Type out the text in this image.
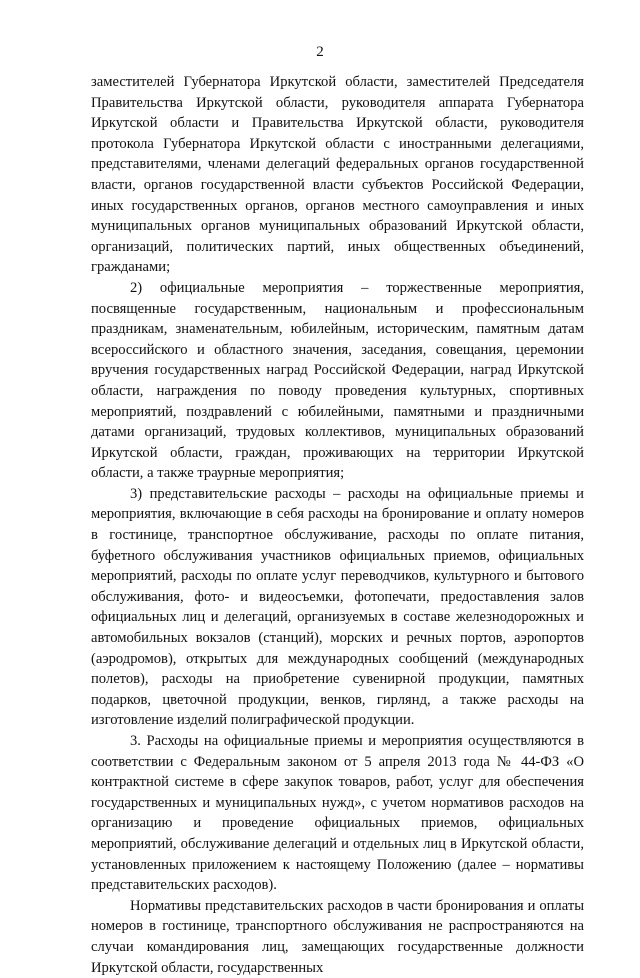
2

заместителей Губернатора Иркутской области, заместителей Председателя Правительства Иркутской области, руководителя аппарата Губернатора Иркутской области и Правительства Иркутской области, руководителя протокола Губернатора Иркутской области с иностранными делегациями, представителями, членами делегаций федеральных органов государственной власти, органов государственной власти субъектов Российской Федерации, иных государственных органов, органов местного самоуправления и иных муниципальных органов муниципальных образований Иркутской области, организаций, политических партий, иных общественных объединений, гражданами;

2) официальные мероприятия – торжественные мероприятия, посвященные государственным, национальным и профессиональным праздникам, знаменательным, юбилейным, историческим, памятным датам всероссийского и областного значения, заседания, совещания, церемонии вручения государственных наград Российской Федерации, наград Иркутской области, награждения по поводу проведения культурных, спортивных мероприятий, поздравлений с юбилейными, памятными и праздничными датами организаций, трудовых коллективов, муниципальных образований Иркутской области, граждан, проживающих на территории Иркутской области, а также траурные мероприятия;

3) представительские расходы – расходы на официальные приемы и мероприятия, включающие в себя расходы на бронирование и оплату номеров в гостинице, транспортное обслуживание, расходы по оплате питания, буфетного обслуживания участников официальных приемов, официальных мероприятий, расходы по оплате услуг переводчиков, культурного и бытового обслуживания, фото- и видеосъемки, фотопечати, предоставления залов официальных лиц и делегаций, организуемых в составе железнодорожных и автомобильных вокзалов (станций), морских и речных портов, аэропортов (аэродромов), открытых для международных сообщений (международных полетов), расходы на приобретение сувенирной продукции, памятных подарков, цветочной продукции, венков, гирлянд, а также расходы на изготовление изделий полиграфической продукции.

3. Расходы на официальные приемы и мероприятия осуществляются в соответствии с Федеральным законом от 5 апреля 2013 года № 44-ФЗ «О контрактной системе в сфере закупок товаров, работ, услуг для обеспечения государственных и муниципальных нужд», с учетом нормативов расходов на организацию и проведение официальных приемов, официальных мероприятий, обслуживание делегаций и отдельных лиц в Иркутской области, установленных приложением к настоящему Положению (далее – нормативы представительских расходов).

Нормативы представительских расходов в части бронирования и оплаты номеров в гостинице, транспортного обслуживания не распространяются на случаи командирования лиц, замещающих государственные должности Иркутской области, государственных
